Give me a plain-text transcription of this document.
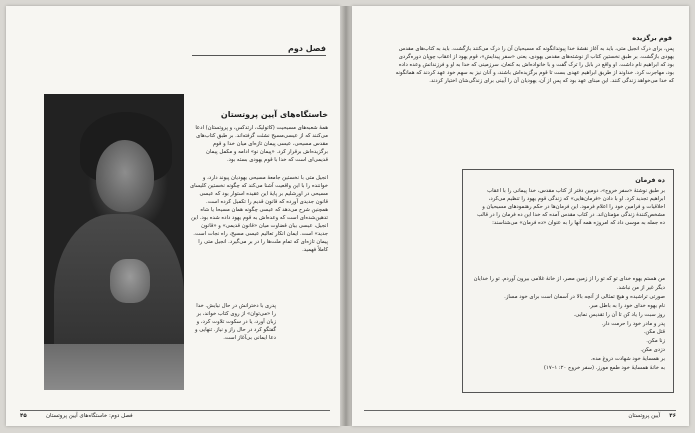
فصل دوم
خاستگاه‌های آیین پروتستان
همهٔ شعبه‌های مسیحیت (کاتولیک، ارتدکس، و پروتستان) ادعا می‌کنند که از عیسی‌مسیح نشئت گرفته‌اند. بر طبق کتاب‌های مقدس مسیحی، عیسی پیمان تازه‌ای میان خدا و قوم برگزیده‌اش برقرار کرد. «پیمان نو» ادامه و مکمل پیمان قدیمی‌ای است که خدا با قوم یهودی بسته بود.
انجیل متی با نخستین جامعهٔ مسیحی یهودیان پیوند دارد، و خواننده را با این واقعیت آشنا می‌کند که چگونه نخستین کلیسای مسیحی در اورشلیم بر پایهٔ این عقیده استوار بود که عیسی قانون جدیدی آورده که قانون قدیم را تکمیل کرده است. همچنین شرح می‌دهد که عیسی چگونه همان مسیحا یا شاه تدهین‌شده‌ای است که وعده‌اش به قوم یهود داده شده بود. این انجیل، عیسی بیان قضاوت میان «قانون قدیمی» و «قانون جدید» است. ایمان انکار تعالیم عیسی مسیح، راه نجات است. پیمان تازه‌ای که تمام ملت‌ها را در بر می‌گیرد. انجیل متی را کاملاً فهمید.
پدری با دخترانش در حال نیایش. خدا را «می‌توان» از روی کتاب خواند، بر زبان آورد، یا در سکوت تلاوت کرد، و گفتگو کرد در حال راز و نیاز. تنهایی و دعا ایمانی بی‌آغاز است.
۴۵	فصل دوم: خاستگاه‌های آیین پروتستان
قوم برگزیده
پس، برای درک انجیل متی، باید به آغاز نقشهٔ خدا پیوندانگونه که مسیحیان آن را درک می‌کنند بازگشت. باید به کتاب‌های مقدس یهودی بازگشت. بر طبق نخستین کتاب از نوشته‌های مقدس یهودی، یعنی «سفر پیدایش»، قوم یهود از اعقاب چوپان دوره‌گردی بود که ابراهیم نام داشت. او واقع در بابل را ترک گفت و با خانواده‌اش به کنعان، سرزمینی که خدا به او و فرزندانش وعده داده بود، مهاجرت کرد. خداوند از طریق ابراهیم عهدی بست تا قوم برگزیده‌اش باشند، و آنان نیز به سهم خود عهد کردند که همانگونه که خدا می‌خواهد زندگی کنند. این مبنای عهد بود که پس از آن، یهودیان آن را آیینی برای زندگی‌شان اختیار کردند.
ده فرمان
بر طبق نوشتهٔ «سفر خروج»، دومین دفتر از کتاب مقدس، خدا پیمانی را با اعقاب ابراهیم تجدید کرد. او با دادن «فرمان‌هایی» که زندگی قوم یهود را تنظیم می‌کرد، اخلاقیات و فرامین خود را اعلام فرمود. این فرمان‌ها در حکم رهنمودهای مسیحیان و مشخص‌کنندهٔ زندگی مؤمنان‌اند. در کتاب مقدس آمده که خدا این ده فرمان را در قالب ده جمله به موسی داد که امروزه همه آنها را به عنوان «ده فرمان» می‌شناسند:
من هستم یهوه خدای تو که تو را از زمین مصر، از خانهٔ غلامی بیرون آوردم. تو را خدایان دیگر غیر از من نباشد.
صورتی تراشیده و هیچ تمثالی از آنچه بالا در آسمان است برای خود مساز.
نام یهوه خدای خود را به باطل مبر.
روز سبت را یاد کن تا آن را تقدیس نمایی.
پدر و مادر خود را حرمت دار.
قتل مکن.
زنا مکن.
دزدی مکن.
بر همسایهٔ خود شهادت دروغ مده.
به خانهٔ همسایهٔ خود طمع مورز. (سفر خروج ۲۰: ۱–۱۷)
۴۶
آیین پروتستان
